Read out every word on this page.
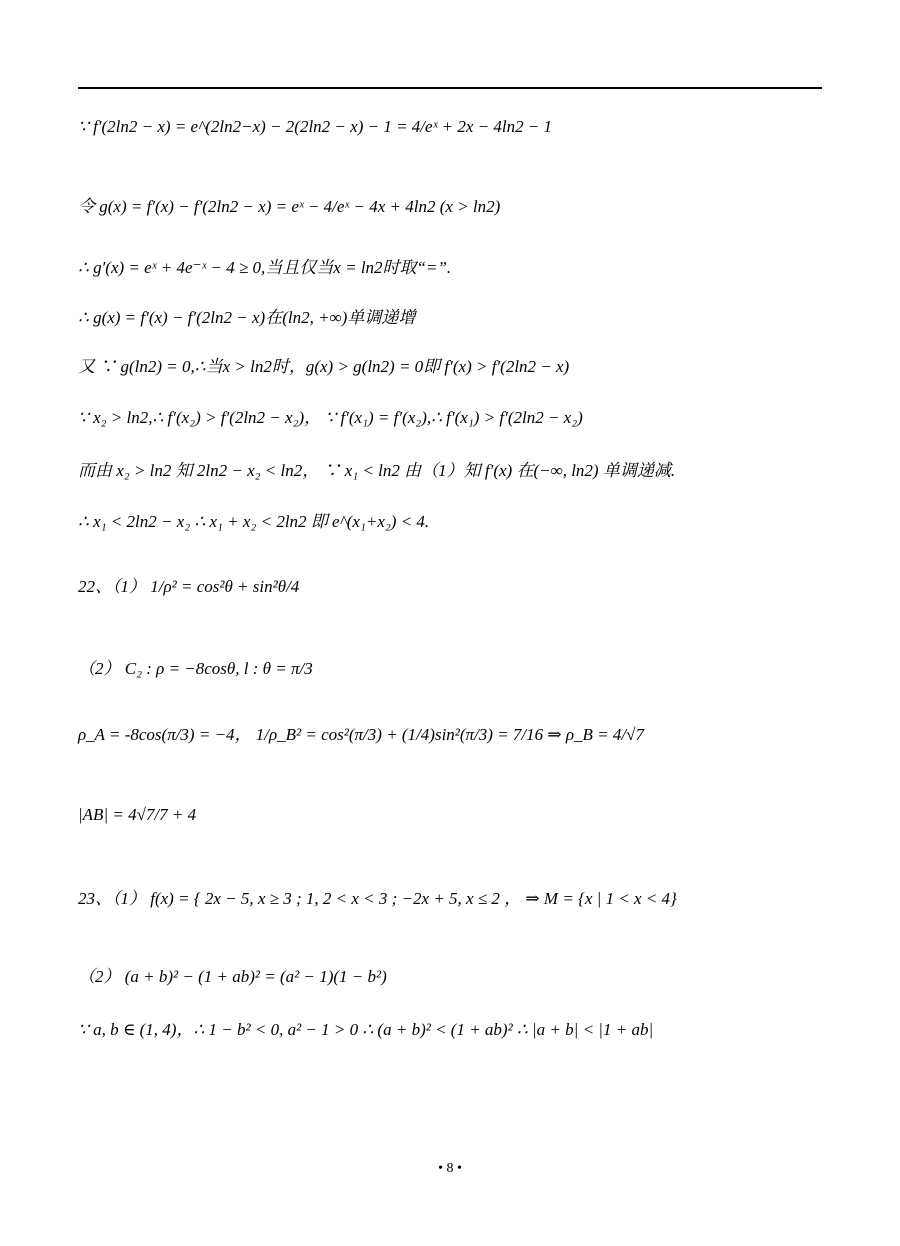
∵ f′(2ln2 − x) = e^(2ln2−x) − 2(2ln2 − x) − 1 = 4/eˣ + 2x − 4ln2 − 1
令 g(x) = f′(x) − f′(2ln2 − x) = eˣ − 4/eˣ − 4x + 4ln2 (x > ln2)
∴ g′(x) = eˣ + 4e⁻ˣ − 4 ≥ 0,当且仅当x = ln2时取“=”.
∴ g(x) = f′(x) − f′(2ln2 − x)在(ln2, +∞)单调递增
又 ∵ g(ln2) = 0,∴当x > ln2时，g(x) > g(ln2) = 0即 f′(x) > f′(2ln2 − x)
∵ x₂ > ln2,∴ f′(x₂) > f′(2ln2 − x₂)， ∵ f′(x₁) = f′(x₂),∴ f′(x₁) > f′(2ln2 − x₂)
而由 x₂ > ln2 知 2ln2 − x₂ < ln2， ∵ x₁ < ln2 由（1）知 f′(x) 在(−∞, ln2) 单调递减.
∴ x₁ < 2ln2 − x₂ ∴ x₁ + x₂ < 2ln2 即 e^(x₁+x₂) < 4.
22、（1） 1/ρ² = cos²θ + sin²θ/4
（2） C₂ : ρ = −8cosθ, l : θ = π/3
ρ_A = -8cos(π/3) = −4， 1/ρ_B² = cos²(π/3) + (1/4)sin²(π/3) = 7/16 ⇒ ρ_B = 4/√7
|AB| = 4√7/7 + 4
23、（1） f(x) = { 2x − 5, x ≥ 3 ; 1, 2 < x < 3 ; −2x + 5, x ≤ 2 ， ⇒ M = {x | 1 < x < 4}
（2） (a + b)² − (1 + ab)² = (a² − 1)(1 − b²)
∵ a, b ∈ (1, 4)，∴ 1 − b² < 0, a² − 1 > 0 ∴ (a + b)² < (1 + ab)² ∴ |a + b| < |1 + ab|
• 8 •
